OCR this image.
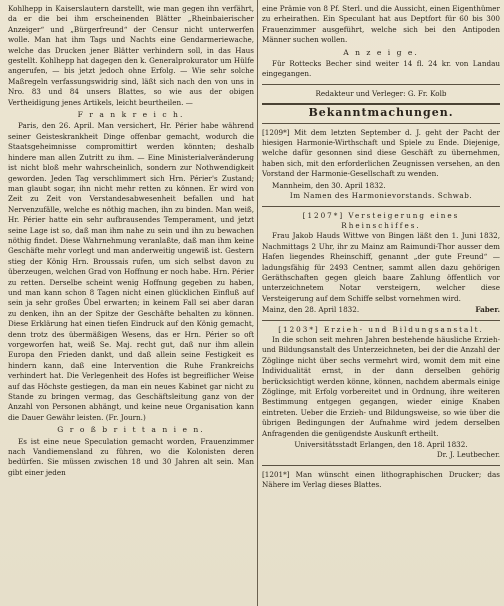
Kohlhepp in Kaiserslautern darstellt, wie man gegen ihn verfährt, da er die bei ihm erscheinenden Blätter „Rheinbaierischer Anzeiger“ und „Bürgerfreund“ der Censur nicht unterwerfen wolle. Man hat ihm Tags und Nachts eine Gendarmeriewache, welche das Drucken jener Blätter verhindern soll, in das Haus gestellt. Kohlhepp hat dagegen den k. Generalprokurator um Hülfe angerufen, — bis jetzt jedoch ohne Erfolg. — Wie sehr solche Maßregeln verfassungswidrig sind, läßt sich nach den von uns in Nro. 83 und 84 unsers Blattes, so wie aus der obigen Vertheidigung jenes Artikels, leicht beurtheilen. —

F r a n k r e i c h.

Paris, den 26. April. Man versichert, Hr. Périer habe während seiner Geisteskrankheit Dinge offenbar gemacht, wodurch die Staatsgeheimnisse compromittirt werden könnten; deshalb hindere man allen Zutritt zu ihm. — Eine Ministerialveränderung ist nicht bloß mehr wahrscheinlich, sondern zur Nothwendigkeit geworden. Jeden Tag verschlimmert sich Hrn. Périer's Zustand; man glaubt sogar, ihn nicht mehr retten zu können. Er wird von Zeit zu Zeit von Verstandesabwesenheit befallen und hat Nervenzufälle, welche es nöthig machen, ihn zu binden. Man weiß, Hr. Périer hatte ein sehr aufbrausendes Temperament, und jetzt seine Lage ist so, daß man ihm nahe zu sein und ihn zu bewachen nöthig findet. Diese Wahrnehmung veranlaßte, daß man ihm keine Geschäfte mehr vorlegt und man anderweitig ungewiß ist. Gestern stieg der König Hrn. Broussais rufen, um sich selbst davon zu überzeugen, welchen Grad von Hoffnung er noch habe. Hrn. Périer zu retten. Derselbe scheint wenig Hoffnung gegeben zu haben, und man kann schon 8 Tagen nicht einen glücklichen Einfluß auf sein ja sehr großes Übel erwarten; in keinem Fall sei aber daran zu denken, ihn an der Spitze der Geschäfte behalten zu können. Diese Erklärung hat einen tiefen Eindruck auf den König gemacht, denn trotz des übermäßigen Wesens, das er Hrn. Périer so oft vorgeworfen hat, weiß Se. Maj. recht gut, daß nur ihm allein Europa den Frieden dankt, und daß allein seine Festigkeit es hindern kann, daß eine Intervention die Ruhe Frankreichs verhindert hat. Die Verlegenheit des Hofes ist begreiflicher Weise auf das Höchste gestiegen, da man ein neues Kabinet gar nicht zu Stande zu bringen vermag, das Geschäftsleitung ganz von der Anzahl von Personen abhängt, und keine neue Organisation kann die Dauer Gewähr leisten. (Fr. Journ.)

G r o ß b r i t t a n i e n.

Es ist eine neue Speculation gemacht worden, Frauenzimmer nach Vandiemensland zu führen, wo die Kolonisten deren bedürfen. Sie müssen zwischen 18 und 30 Jahren alt sein. Man gibt einer jeden

eine Prämie von 8 Pf. Sterl. und die Aussicht, einen Eigenthümer zu erheirathen. Ein Speculant hat aus Deptfort für 60 bis 300 Frauenzimmer ausgeführt, welche sich bei den Antipoden Männer suchen wollen.

A n z e i g e.

Für Rottecks Becher sind weiter 14 fl. 24 kr. von Landau eingegangen.

Redakteur und Verleger: G. Fr. Kolb

Bekanntmachungen.

[1209*] Mit dem letzten September d. J. geht der Pacht der hiesigen Harmonie-Wirthschaft und Spiele zu Ende. Diejenige, welche dafür gesonnen sind diese Geschäft zu übernehmen, haben sich, mit den erforderlichen Zeugnissen versehen, an den Vorstand der Harmonie-Gesellschaft zu wenden.

Mannheim, den 30. April 1832.

Im Namen des Harmonievorstands. Schwab.

[1207*] Versteigerung eines Rheinschiffes.

Frau Jakob Hauds Wittwe von Bingen läßt den 1. Juni 1832, Nachmittags 2 Uhr, ihr zu Mainz am Raimundi-Thor ausser dem Hafen liegendes Rheinschiff, genannt „der gute Freund“ — ladungsfähig für 2493 Centner, sammt allen dazu gehörigen Geräthschaften gegen gleich baare Zahlung öffentlich vor unterzeichnetem Notar versteigern, welcher diese Versteigerung auf dem Schiffe selbst vornehmen wird.

Mainz, den 28. April 1832.	Faber.

[1203*] Erzieh- und Bildungsanstalt.

In die schon seit mehren Jahren bestehende häusliche Erzieh- und Bildungsanstalt des Unterzeichneten, bei der die Anzahl der Zöglinge nicht über sechs vermehrt wird, womit dem mit eine Individualität ernst, in der dann derselben gehörig berücksichtigt werden könne, können, nachdem abermals einige Zöglinge, mit Erfolg vorbereitet und in Ordnung, ihre weiteren Bestimmung entgegen gegangen, wieder einige Knaben eintreten. Ueber die Erzieh- und Bildungsweise, so wie über die übrigen Bedingungen der Aufnahme wird jedem derselben Anfragenden die genügendste Auskunft ertheilt.

Universitätsstadt Erlangen, den 18. April 1832.

Dr. J. Leutbecher.

[1201*] Man wünscht einen lithographischen Drucker; das Nähere im Verlag dieses Blattes.
